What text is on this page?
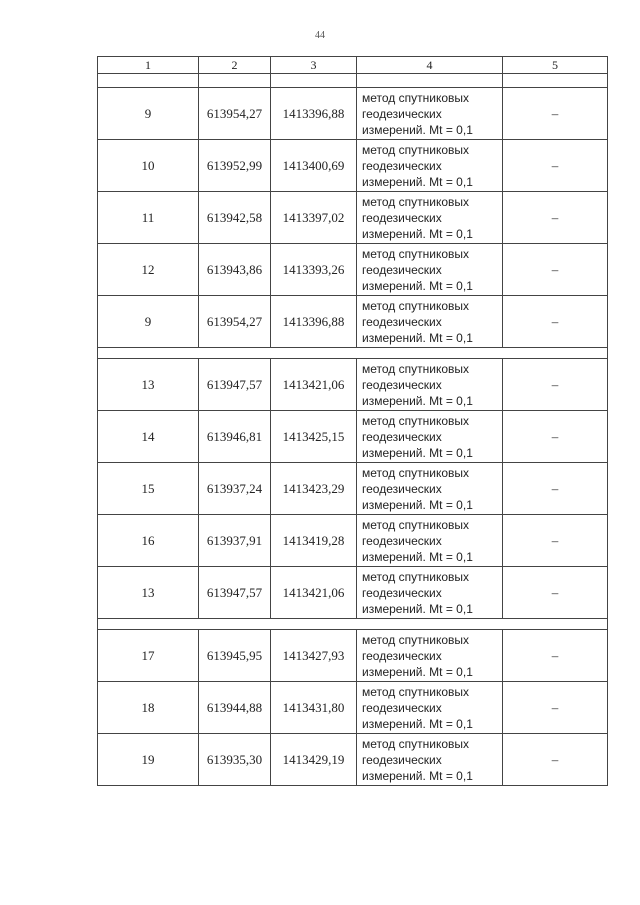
44
1	2	3	4	5

9	613954,27	1413396,88	метод спутниковых
геодезических
измерений. Mt = 0,1	–
10	613952,99	1413400,69	метод спутниковых
геодезических
измерений. Mt = 0,1	–
11	613942,58	1413397,02	метод спутниковых
геодезических
измерений. Mt = 0,1	–
12	613943,86	1413393,26	метод спутниковых
геодезических
измерений. Mt = 0,1	–
9	613954,27	1413396,88	метод спутниковых
геодезических
измерений. Mt = 0,1	–

13	613947,57	1413421,06	метод спутниковых
геодезических
измерений. Mt = 0,1	–
14	613946,81	1413425,15	метод спутниковых
геодезических
измерений. Mt = 0,1	–
15	613937,24	1413423,29	метод спутниковых
геодезических
измерений. Mt = 0,1	–
16	613937,91	1413419,28	метод спутниковых
геодезических
измерений. Mt = 0,1	–
13	613947,57	1413421,06	метод спутниковых
геодезических
измерений. Mt = 0,1	–

17	613945,95	1413427,93	метод спутниковых
геодезических
измерений. Mt = 0,1	–
18	613944,88	1413431,80	метод спутниковых
геодезических
измерений. Mt = 0,1	–
19	613935,30	1413429,19	метод спутниковых
геодезических
измерений. Mt = 0,1	–
